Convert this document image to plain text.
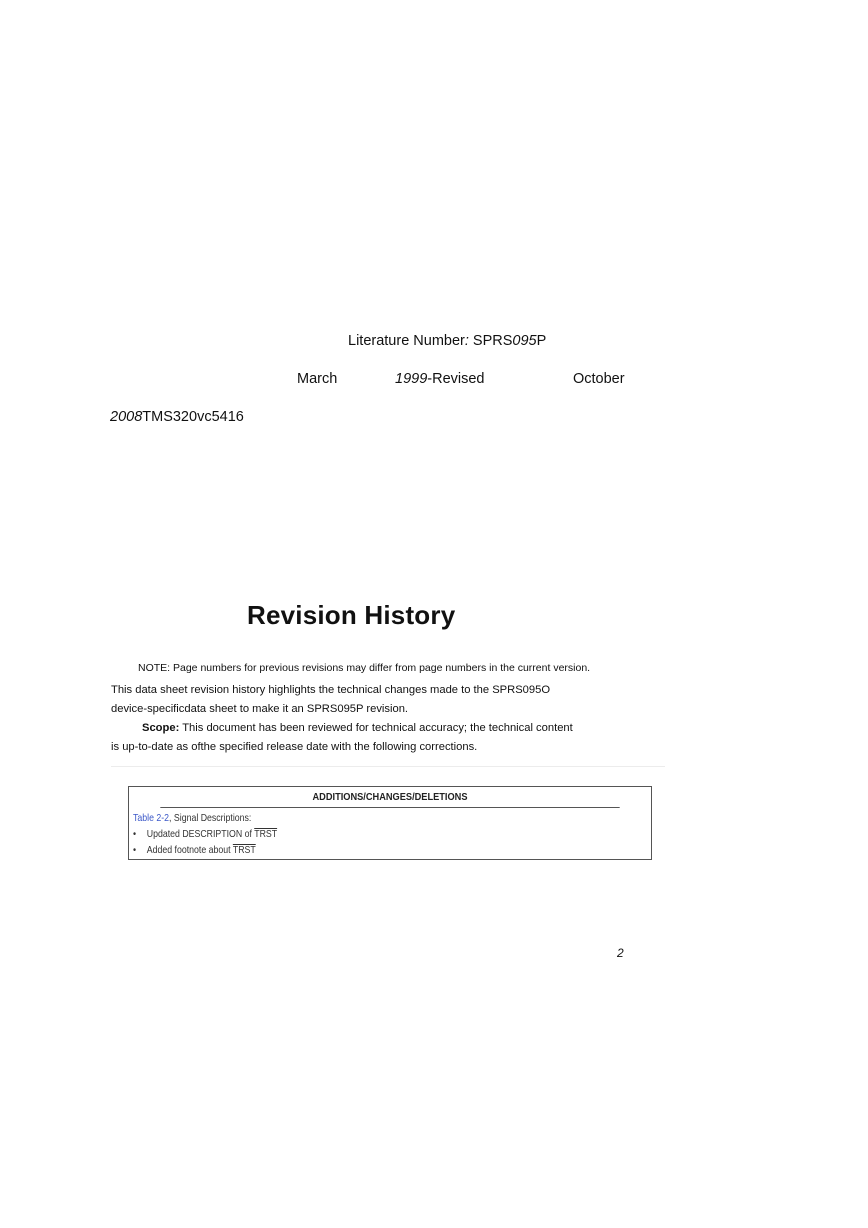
Literature Number: SPRS095P
March	1999-Revised	October
2008TMS320vc5416
Revision History
NOTE: Page numbers for previous revisions may differ from page numbers in the current version.
This data sheet revision history highlights the technical changes made to the SPRS095O
device-specificdata sheet to make it an SPRS095P revision.
Scope: This document has been reviewed for technical accuracy; the technical content
is up-to-date as ofthe specified release date with the following corrections.
ADDITIONS/CHANGES/DELETIONS
Table 2-2, Signal Descriptions:
• Updated DESCRIPTION of TRST
• Added footnote about TRST
2
